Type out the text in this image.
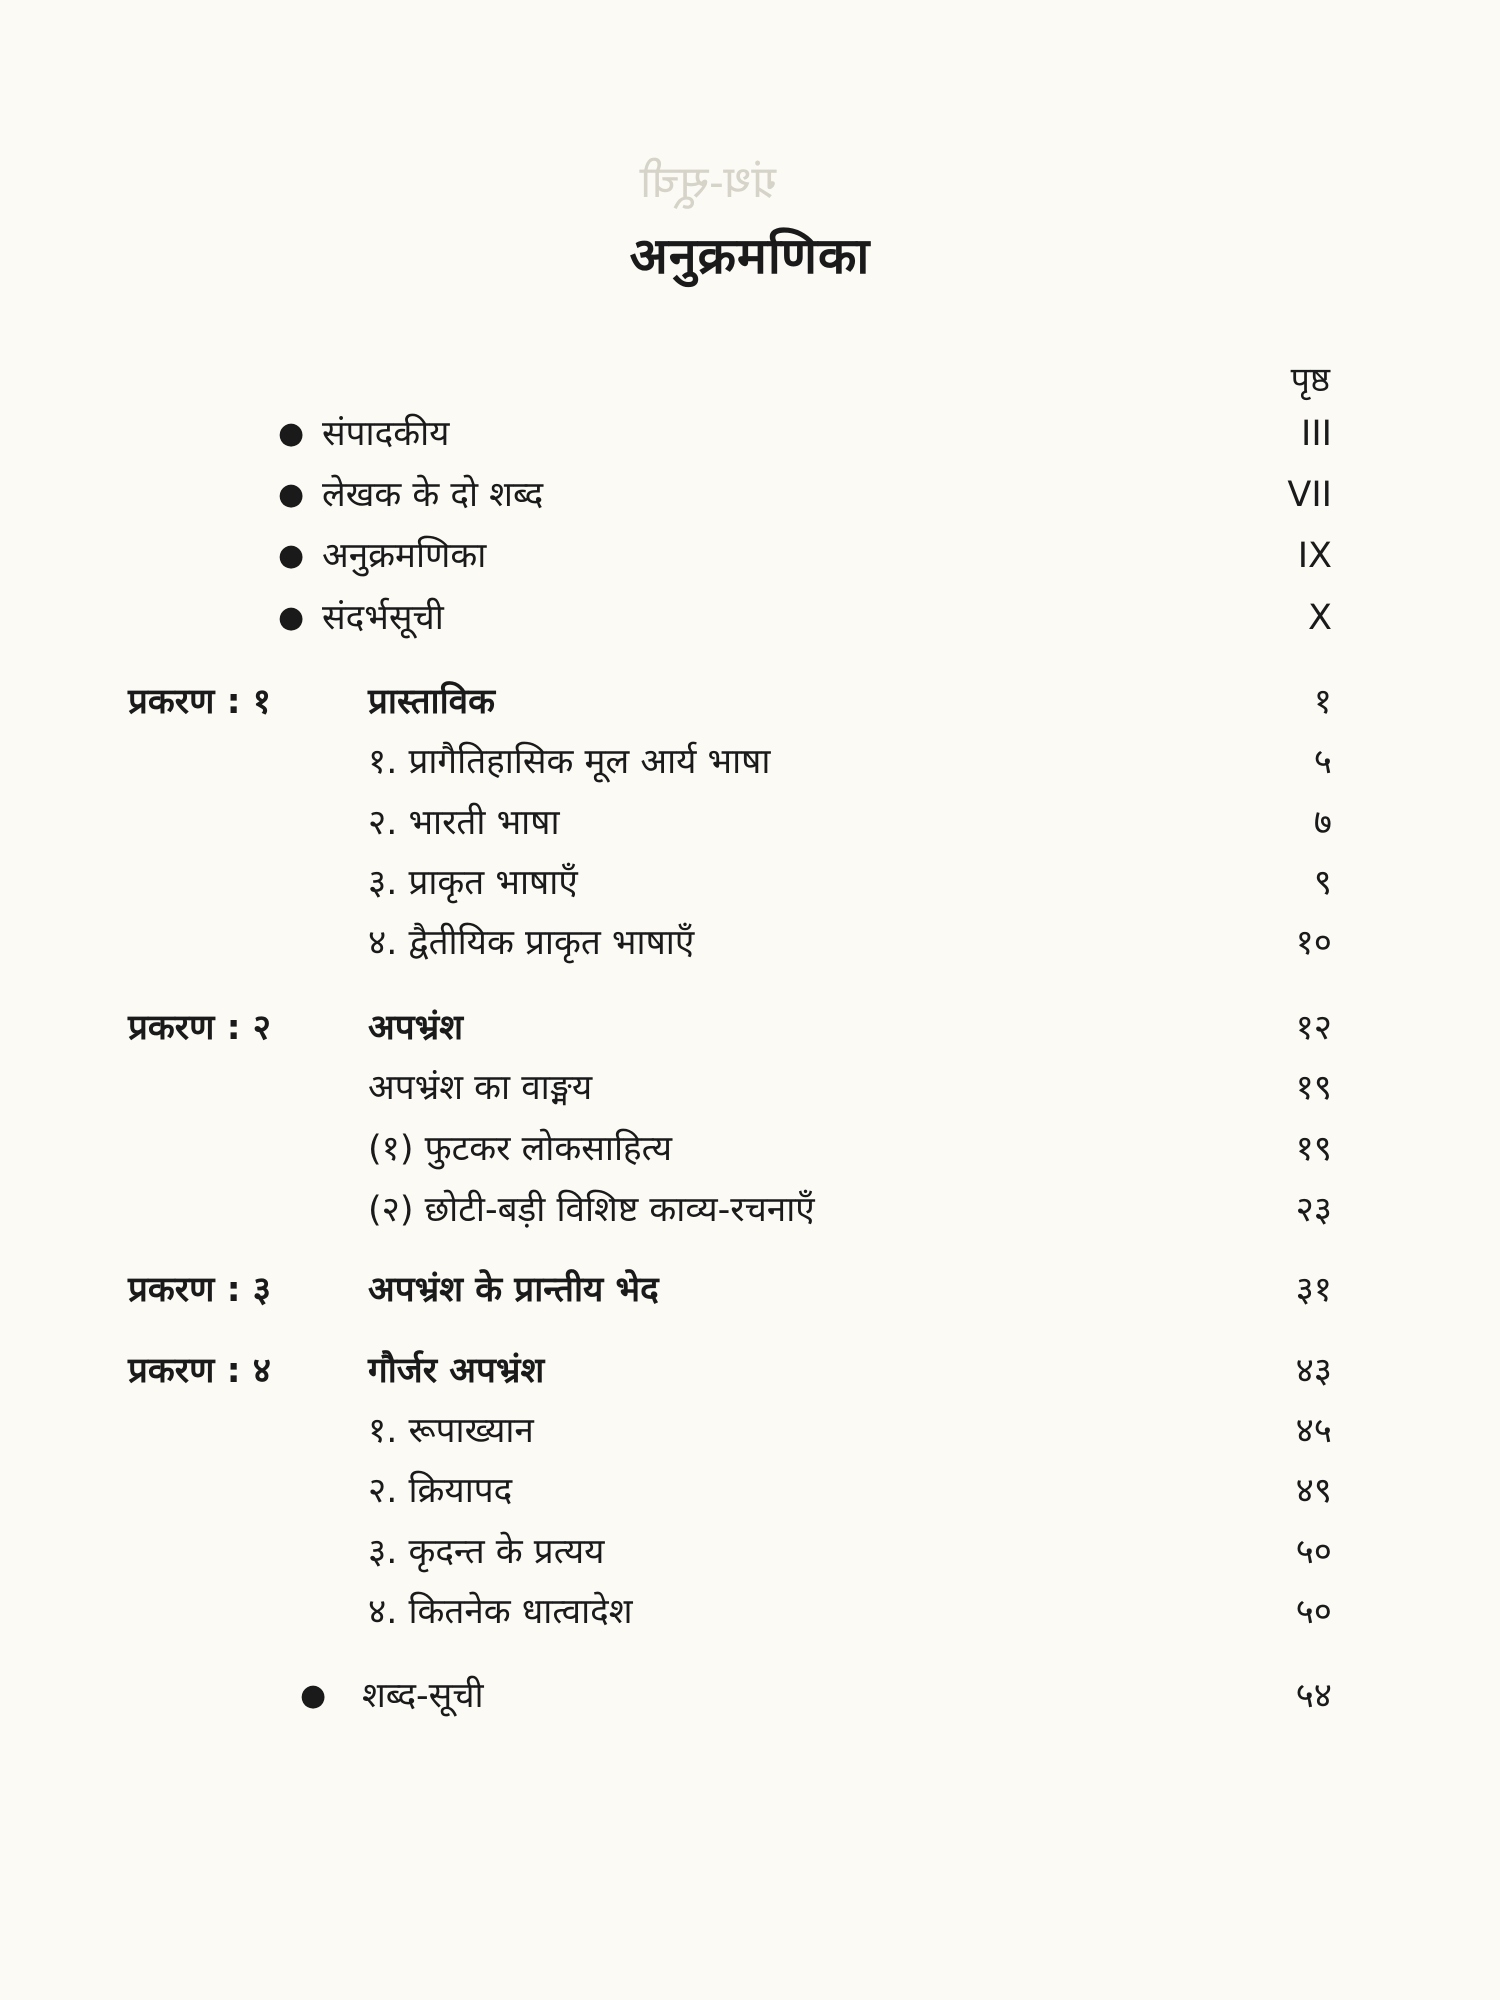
ग्रंथ-सूची
अनुक्रमणिका
पृष्ठ
● संपादकीय	III
● लेखक के दो शब्द	VII
● अनुक्रमणिका	IX
● संदर्भसूची	X
प्रकरण : १	प्रास्ताविक	१
१. प्रागैतिहासिक मूल आर्य भाषा	५
२. भारती भाषा	७
३. प्राकृत भाषाएँ	९
४. द्वैतीयिक प्राकृत भाषाएँ	१०
प्रकरण : २	अपभ्रंश	१२
अपभ्रंश का वाङ्मय	१९
(१) फुटकर लोकसाहित्य	१९
(२) छोटी-बड़ी विशिष्ट काव्य-रचनाएँ	२३
प्रकरण : ३	अपभ्रंश के प्रान्तीय भेद	३१
प्रकरण : ४	गौर्जर अपभ्रंश	४३
१. रूपाख्यान	४५
२. क्रियापद	४९
३. कृदन्त के प्रत्यय	५०
४. कितनेक धात्वादेश	५०
● शब्द-सूची	५४
